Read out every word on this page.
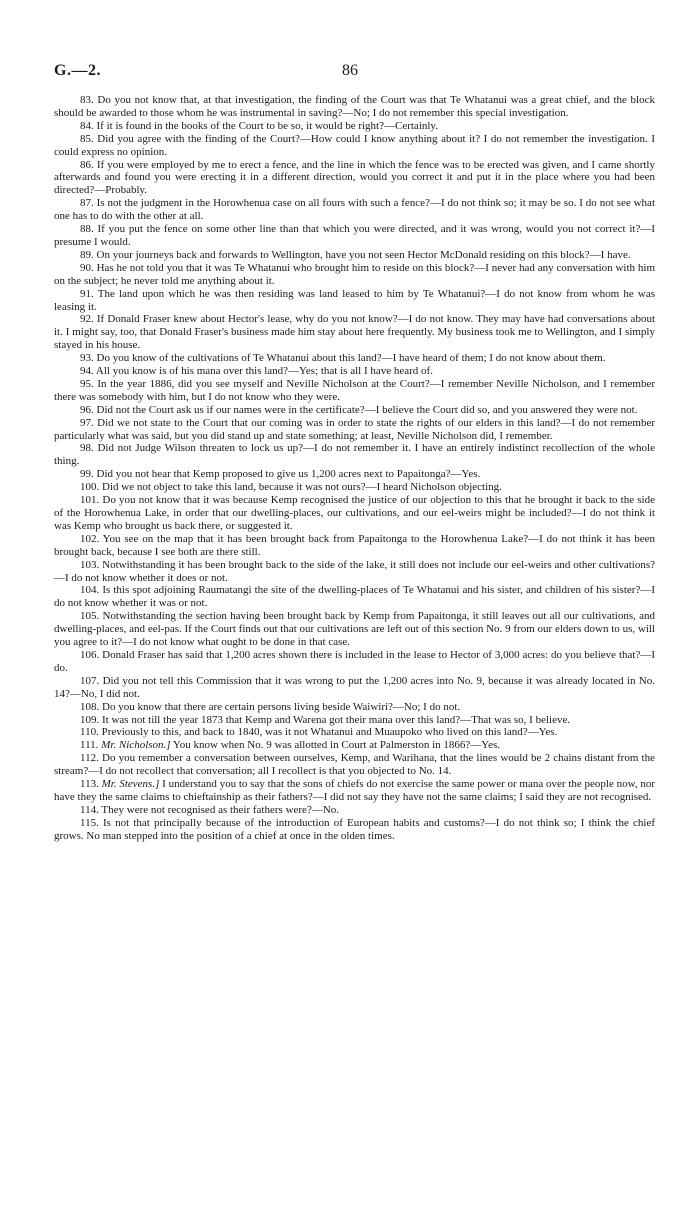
G.—2.	86

83. Do you not know that, at that investigation, the finding of the Court was that Te Whatanui was a great chief, and the block should be awarded to those whom he was instrumental in saving?—No; I do not remember this special investigation.

84. If it is found in the books of the Court to be so, it would be right?—Certainly.

85. Did you agree with the finding of the Court?—How could I know anything about it? I do not remember the investigation. I could express no opinion.

86. If you were employed by me to erect a fence, and the line in which the fence was to be erected was given, and I came shortly afterwards and found you were erecting it in a different direction, would you correct it and put it in the place where you had been directed?—Probably.

87. Is not the judgment in the Horowhenua case on all fours with such a fence?—I do not think so; it may be so. I do not see what one has to do with the other at all.

88. If you put the fence on some other line than that which you were directed, and it was wrong, would you not correct it?—I presume I would.

89. On your journeys back and forwards to Wellington, have you not seen Hector McDonald residing on this block?—I have.

90. Has he not told you that it was Te Whatanui who brought him to reside on this block?—I never had any conversation with him on the subject; he never told me anything about it.

91. The land upon which he was then residing was land leased to him by Te Whatanui?—I do not know from whom he was leasing it.

92. If Donald Fraser knew about Hector's lease, why do you not know?—I do not know. They may have had conversations about it. I might say, too, that Donald Fraser's business made him stay about here frequently. My business took me to Wellington, and I simply stayed in his house.

93. Do you know of the cultivations of Te Whatanui about this land?—I have heard of them; I do not know about them.

94. All you know is of his mana over this land?—Yes; that is all I have heard of.

95. In the year 1886, did you see myself and Neville Nicholson at the Court?—I remember Neville Nicholson, and I remember there was somebody with him, but I do not know who they were.

96. Did not the Court ask us if our names were in the certificate?—I believe the Court did so, and you answered they were not.

97. Did we not state to the Court that our coming was in order to state the rights of our elders in this land?—I do not remember particularly what was said, but you did stand up and state something; at least, Neville Nicholson did, I remember.

98. Did not Judge Wilson threaten to lock us up?—I do not remember it. I have an entirely indistinct recollection of the whole thing.

99. Did you not hear that Kemp proposed to give us 1,200 acres next to Papaitonga?—Yes.

100. Did we not object to take this land, because it was not ours?—I heard Nicholson objecting.

101. Do you not know that it was because Kemp recognised the justice of our objection to this that he brought it back to the side of the Horowhenua Lake, in order that our dwelling-places, our cultivations, and our eel-weirs might be included?—I do not think it was Kemp who brought us back there, or suggested it.

102. You see on the map that it has been brought back from Papaitonga to the Horowhenua Lake?—I do not think it has been brought back, because I see both are there still.

103. Notwithstanding it has been brought back to the side of the lake, it still does not include our eel-weirs and other cultivations?—I do not know whether it does or not.

104. Is this spot adjoining Raumatangi the site of the dwelling-places of Te Whatanui and his sister, and children of his sister?—I do not know whether it was or not.

105. Notwithstanding the section having been brought back by Kemp from Papaitonga, it still leaves out all our cultivations, and dwelling-places, and eel-pas. If the Court finds out that our cultivations are left out of this section No. 9 from our elders down to us, will you agree to it?—I do not know what ought to be done in that case.

106. Donald Fraser has said that 1,200 acres shown there is included in the lease to Hector of 3,000 acres: do you believe that?—I do.

107. Did you not tell this Commission that it was wrong to put the 1,200 acres into No. 9, because it was already located in No. 14?—No, I did not.

108. Do you know that there are certain persons living beside Waiwiri?—No; I do not.

109. It was not till the year 1873 that Kemp and Warena got their mana over this land?—That was so, I believe.

110. Previously to this, and back to 1840, was it not Whatanui and Muaupoko who lived on this land?—Yes.

111. Mr. Nicholson.] You know when No. 9 was allotted in Court at Palmerston in 1866?—Yes.

112. Do you remember a conversation between ourselves, Kemp, and Warihana, that the lines would be 2 chains distant from the stream?—I do not recollect that conversation; all I recollect is that you objected to No. 14.

113. Mr. Stevens.] I understand you to say that the sons of chiefs do not exercise the same power or mana over the people now, nor have they the same claims to chieftainship as their fathers?—I did not say they have not the same claims; I said they are not recognised.

114. They were not recognised as their fathers were?—No.

115. Is not that principally because of the introduction of European habits and customs?—I do not think so; I think the chief grows. No man stepped into the position of a chief at once in the olden times.
